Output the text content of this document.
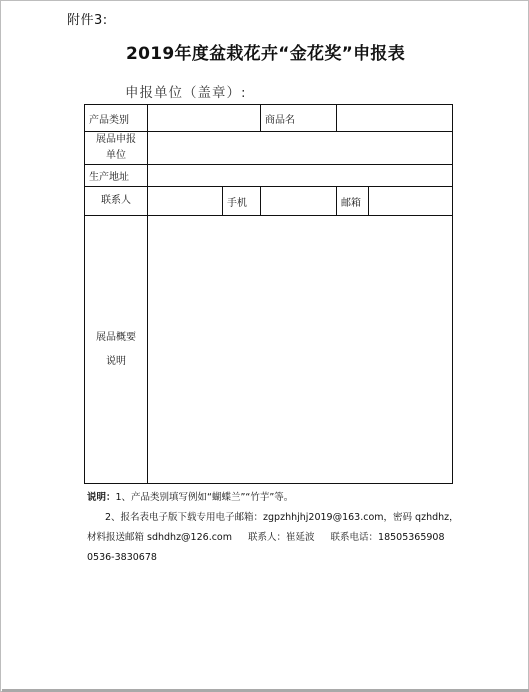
附件3:
2019年度盆栽花卉“金花奖”申报表
申报单位（盖章）:
产品类别			商品名		

展品申报
单位					

生产地址					
联系人		手机		邮箱	

展品概要
说明					

说明：1、产品类别填写例如“蝴蝶兰”“竹芋”等。
2、报名表电子版下载专用电子邮箱：zgpzhhjhj2019@163.com，密码 qzhdhz，
材料报送邮箱 sdhdhz@126.com 联系人：崔延波 联系电话：18505365908
0536-3830678
